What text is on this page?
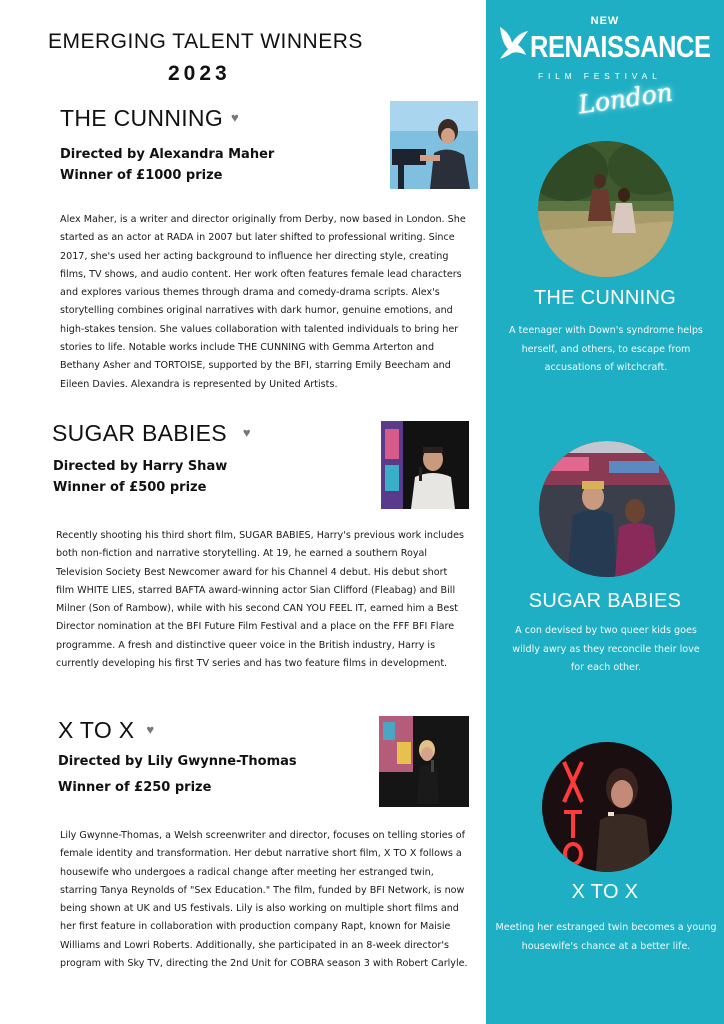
EMERGING TALENT WINNERS
2023
THE CUNNING ♥
Directed by Alexandra Maher
Winner of £1000 prize
Alex Maher, is a writer and director originally from Derby, now based in London. She started as an actor at RADA in 2007 but later shifted to professional writing. Since 2017, she's used her acting background to influence her directing style, creating films, TV shows, and audio content. Her work often features female lead characters and explores various themes through drama and comedy-drama scripts. Alex's storytelling combines original narratives with dark humor, genuine emotions, and high-stakes tension. She values collaboration with talented individuals to bring her stories to life. Notable works include THE CUNNING with Gemma Arterton and Bethany Asher and TORTOISE, supported by the BFI, starring Emily Beecham and Eileen Davies. Alexandra is represented by United Artists.
SUGAR BABIES ♥
Directed by Harry Shaw
Winner of £500 prize
Recently shooting his third short film, SUGAR BABIES, Harry's previous work includes both non-fiction and narrative storytelling. At 19, he earned a southern Royal Television Society Best Newcomer award for his Channel 4 debut. His debut short film WHITE LIES, starred BAFTA award-winning actor Sian Clifford (Fleabag) and Bill Milner (Son of Rambow), while with his second CAN YOU FEEL IT, earned him a Best Director nomination at the BFI Future Film Festival and a place on the FFF BFI Flare programme. A fresh and distinctive queer voice in the British industry, Harry is currently developing his first TV series and has two feature films in development.
X TO X ♥
Directed by Lily Gwynne-Thomas
Winner of £250 prize
Lily Gwynne-Thomas, a Welsh screenwriter and director, focuses on telling stories of female identity and transformation. Her debut narrative short film, X TO X follows a housewife who undergoes a radical change after meeting her estranged twin, starring Tanya Reynolds of "Sex Education." The film, funded by BFI Network, is now being shown at UK and US festivals. Lily is also working on multiple short films and her first feature in collaboration with production company Rapt, known for Maisie Williams and Lowri Roberts. Additionally, she participated in an 8-week director's program with Sky TV, directing the 2nd Unit for COBRA season 3 with Robert Carlyle.
NEW
RENAISSANCE
FILM FESTIVAL
London
THE CUNNING
A teenager with Down's syndrome helps herself, and others, to escape from accusations of witchcraft.
SUGAR BABIES
A con devised by two queer kids goes wildly awry as they reconcile their love for each other.
X TO X
Meeting her estranged twin becomes a young housewife's chance at a better life.
